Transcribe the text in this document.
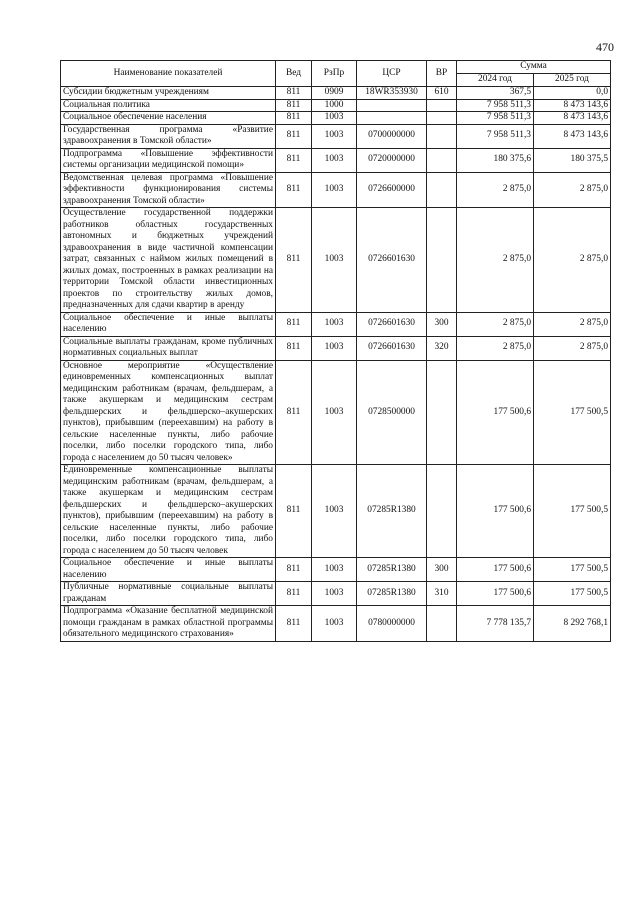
470
Наименование показателей	Вед	РзПр	ЦСР	ВР	Сумма	
					2024 год	2025 год
Субсидии бюджетным учреждениям	811	0909	18WR353930	610	367,5	0,0
Социальная политика	811	1000			7 958 511,3	8 473 143,6
Социальное обеспечение населения	811	1003			7 958 511,3	8 473 143,6
Государственная программа «Развитие здравоохранения в Томской области»	811	1003	0700000000		7 958 511,3	8 473 143,6
Подпрограмма «Повышение эффективности системы организации медицинской помощи»	811	1003	0720000000		180 375,6	180 375,5
Ведомственная целевая программа «Повышение эффективности функционирования системы здравоохранения Томской области»	811	1003	0726600000		2 875,0	2 875,0
Осуществление государственной поддержки работников областных государственных автономных и бюджетных учреждений здравоохранения в виде частичной компенсации затрат, связанных с наймом жилых помещений в жилых домах, построенных в рамках реализации на территории Томской области инвестиционных проектов по строительству жилых домов, предназначенных для сдачи квартир в аренду	811	1003	0726601630		2 875,0	2 875,0
Социальное обеспечение и иные выплаты населению	811	1003	0726601630	300	2 875,0	2 875,0
Социальные выплаты гражданам, кроме публичных нормативных социальных выплат	811	1003	0726601630	320	2 875,0	2 875,0
Основное мероприятие «Осуществление единовременных компенсационных выплат медицинским работникам (врачам, фельдшерам, а также акушеркам и медицинским сестрам фельдшерских и фельдшерско–акушерских пунктов), прибывшим (переехавшим) на работу в сельские населенные пункты, либо рабочие поселки, либо поселки городского типа, либо города с населением до 50 тысяч человек»	811	1003	0728500000		177 500,6	177 500,5
Единовременные компенсационные выплаты медицинским работникам (врачам, фельдшерам, а также акушеркам и медицинским сестрам фельдшерских и фельдшерско–акушерских пунктов), прибывшим (переехавшим) на работу в сельские населенные пункты, либо рабочие поселки, либо поселки городского типа, либо города с населением до 50 тысяч человек	811	1003	07285R1380		177 500,6	177 500,5
Социальное обеспечение и иные выплаты населению	811	1003	07285R1380	300	177 500,6	177 500,5
Публичные нормативные социальные выплаты гражданам	811	1003	07285R1380	310	177 500,6	177 500,5
Подпрограмма «Оказание бесплатной медицинской помощи гражданам в рамках областной программы обязательного медицинского страхования»	811	1003	0780000000		7 778 135,7	8 292 768,1
